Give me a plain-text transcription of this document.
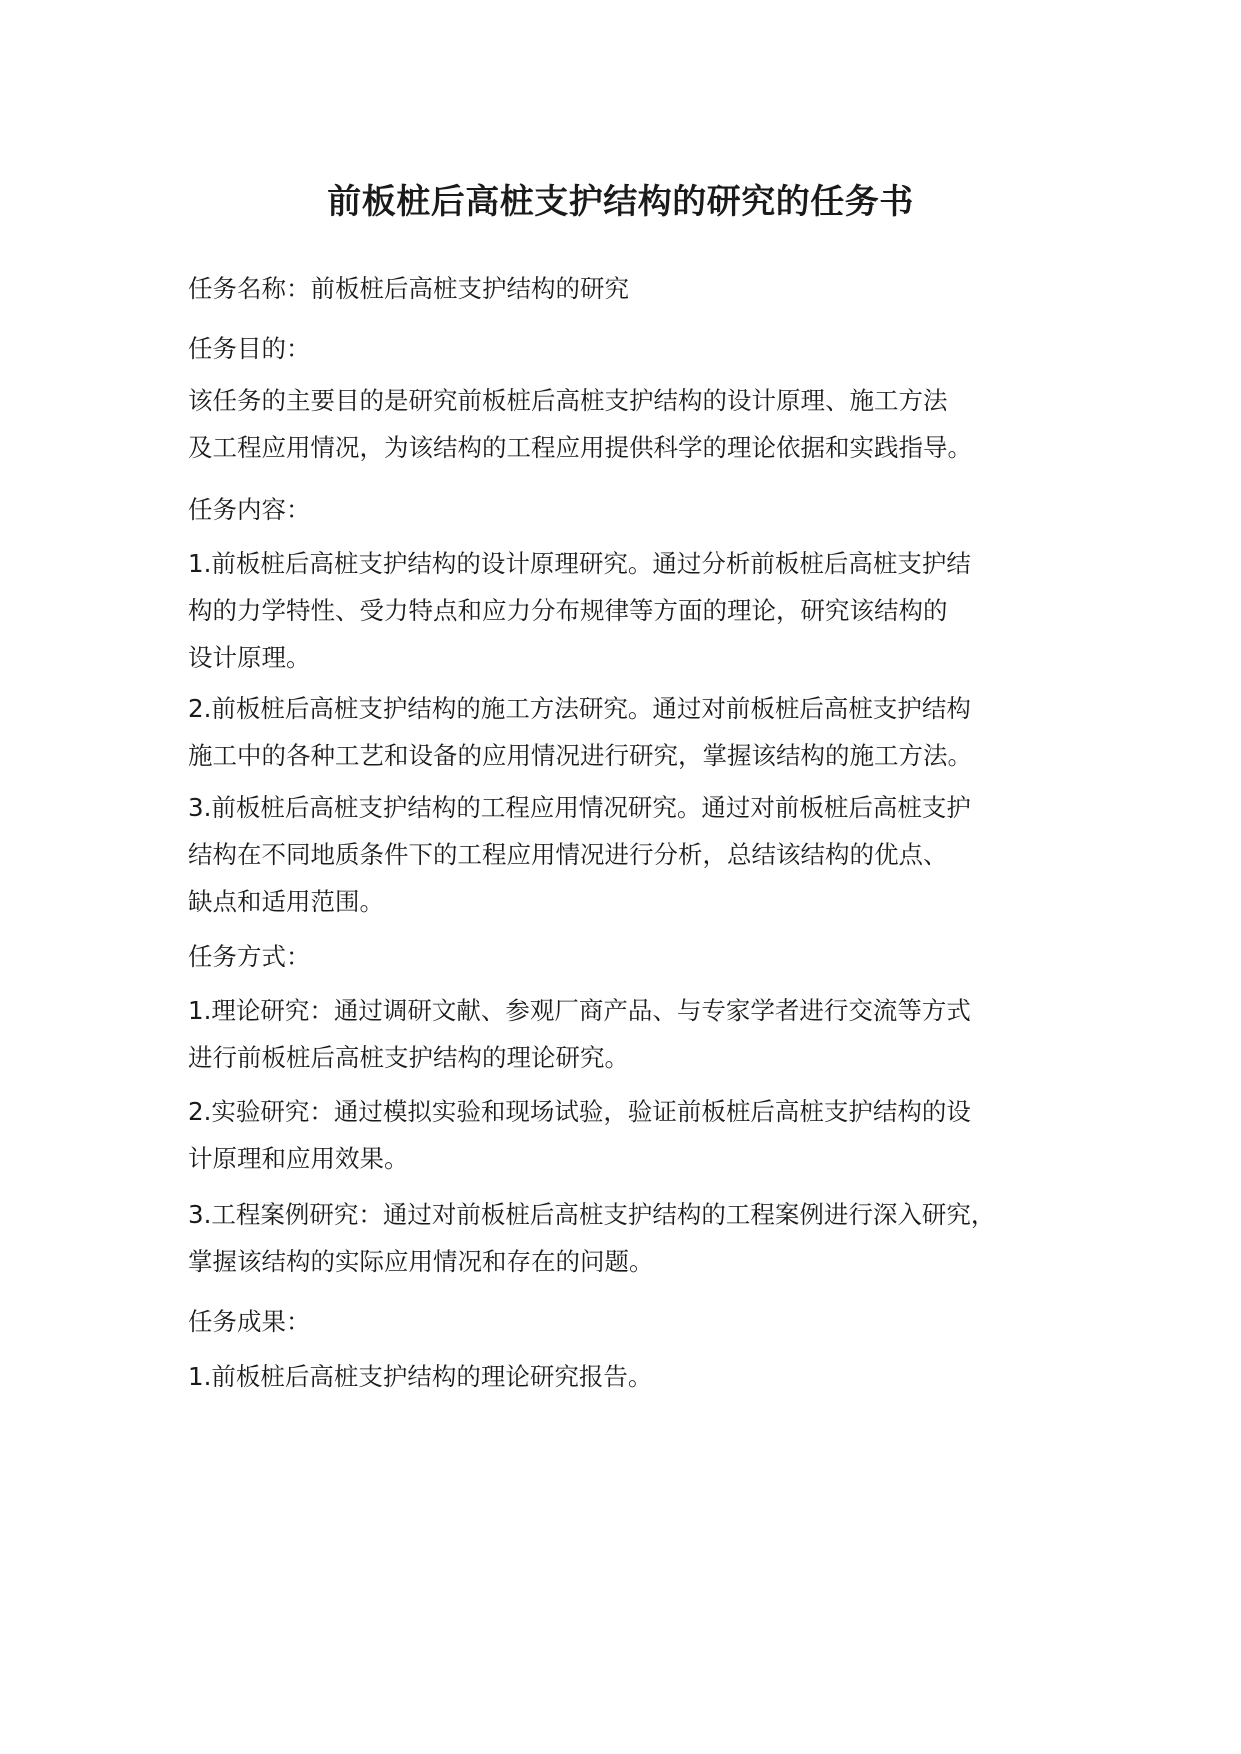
前板桩后高桩支护结构的研究的任务书

任务名称：前板桩后高桩支护结构的研究

任务目的：

该任务的主要目的是研究前板桩后高桩支护结构的设计原理、施工方法
及工程应用情况，为该结构的工程应用提供科学的理论依据和实践指导。

任务内容：

1.前板桩后高桩支护结构的设计原理研究。通过分析前板桩后高桩支护结
构的力学特性、受力特点和应力分布规律等方面的理论，研究该结构的
设计原理。

2.前板桩后高桩支护结构的施工方法研究。通过对前板桩后高桩支护结构
施工中的各种工艺和设备的应用情况进行研究，掌握该结构的施工方法。

3.前板桩后高桩支护结构的工程应用情况研究。通过对前板桩后高桩支护
结构在不同地质条件下的工程应用情况进行分析，总结该结构的优点、
缺点和适用范围。

任务方式：

1.理论研究：通过调研文献、参观厂商产品、与专家学者进行交流等方式
进行前板桩后高桩支护结构的理论研究。

2.实验研究：通过模拟实验和现场试验，验证前板桩后高桩支护结构的设
计原理和应用效果。

3.工程案例研究：通过对前板桩后高桩支护结构的工程案例进行深入研究，
掌握该结构的实际应用情况和存在的问题。

任务成果：

1.前板桩后高桩支护结构的理论研究报告。
